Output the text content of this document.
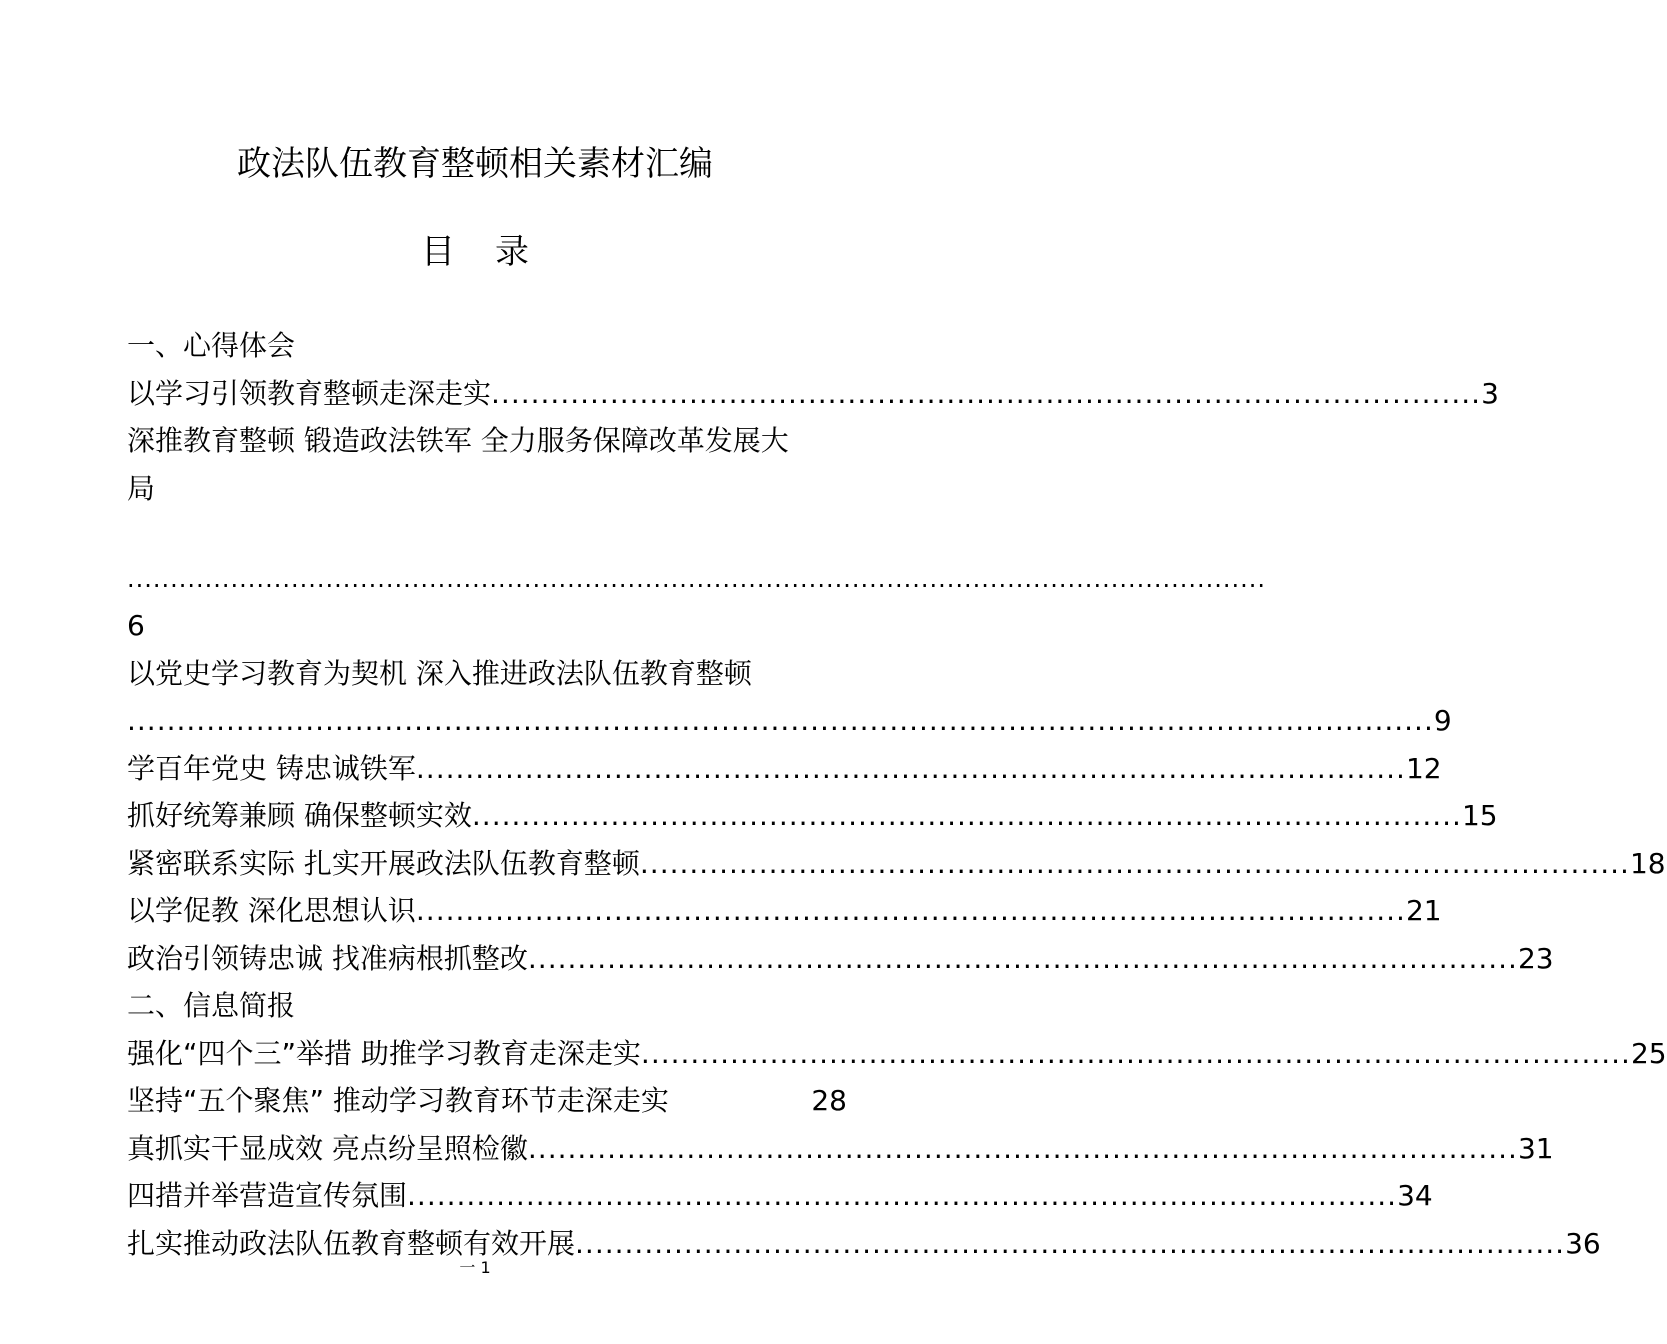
政法队伍教育整顿相关素材汇编
目录
一、心得体会
以学习引领教育整顿走深走实 .................................................................................................... 3
深推教育整顿 锻造政法铁军 全力服务保障改革发展大
局
....................................................................................................................................
6
以党史学习教育为契机 深入推进政法队伍教育整顿
.................................................................................................................................... 9
学百年党史 铸忠诚铁军 .................................................................................................... 12
抓好统筹兼顾 确保整顿实效 .................................................................................................... 15
紧密联系实际 扎实开展政法队伍教育整顿 .................................................................................................... 18
以学促教 深化思想认识 .................................................................................................... 21
政治引领铸忠诚 找准病根抓整改 .................................................................................................... 23
二、信息简报
强化“四个三”举措 助推学习教育走深走实 .................................................................................................... 25
坚持“五个聚焦” 推动学习教育环节走深走实	28
真抓实干显成效 亮点纷呈照检徽 .................................................................................................... 31
四措并举营造宣传氛围 .................................................................................................... 34
扎实推动政法队伍教育整顿有效开展 .................................................................................................... 36
一 1
